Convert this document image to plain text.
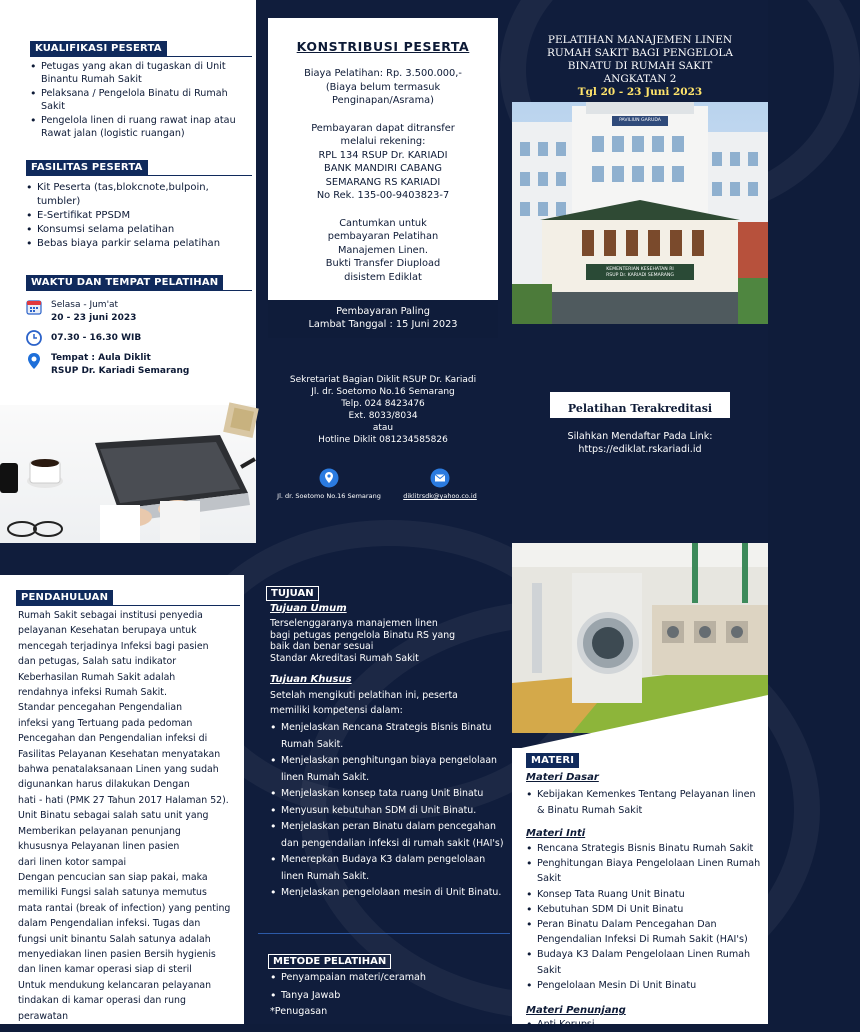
KUALIFIKASI PESERTA
• Petugas yang akan di tugaskan di Unit Binantu Rumah Sakit
• Pelaksana / Pengelola Binatu di Rumah Sakit
• Pengelola linen di ruang rawat inap atau Rawat jalan (logistic ruangan)
FASILITAS PESERTA
• Kit Peserta (tas,blokcnote,bulpoin, tumbler)
• E-Sertifikat PPSDM
• Konsumsi selama pelatihan
• Bebas biaya parkir selama pelatihan
WAKTU DAN TEMPAT PELATIHAN
Selasa - Jum'at
20 - 23 juni 2023
07.30 - 16.30 WIB
Tempat : Aula Diklit
RSUP Dr. Kariadi Semarang
KONSTRIBUSI PESERTA
Biaya Pelatihan: Rp. 3.500.000,-
(Biaya belum termasuk
Penginapan/Asrama)
Pembayaran dapat ditransfer
melalui rekening:
RPL 134 RSUP Dr. KARIADI
BANK MANDIRI CABANG
SEMARANG RS KARIADI
No Rek. 135-00-9403823-7
Cantumkan untuk
pembayaran Pelatihan
Manajemen Linen.
Bukti Transfer Diupload
disistem Ediklat
Pembayaran Paling
Lambat Tanggal : 15 Juni 2023
Sekretariat Bagian Diklit RSUP Dr. Kariadi
Jl. dr. Soetomo No.16 Semarang
Telp. 024 8423476
Ext. 8033/8034
atau
Hotline Diklit 081234585826
Jl. dr. Soetomo No.16 Semarang	diklitrsdk@yahoo.co.id
PELATIHAN MANAJEMEN LINEN
RUMAH SAKIT BAGI PENGELOLA
BINATU DI RUMAH SAKIT
ANGKATAN 2
Tgl 20 - 23 Juni 2023
KEMENTERIAN KESEHATAN RI
RSUP Dr. KARIADI SEMARANG
PAVILIUN GARUDA
Pelatihan Terakreditasi
Silahkan Mendaftar Pada Link:
https://ediklat.rskariadi.id
PENDAHULUAN
Rumah Sakit sebagai institusi penyedia
pelayanan Kesehatan berupaya untuk
mencegah terjadinya Infeksi bagi pasien
dan petugas, Salah satu indikator
Keberhasilan Rumah Sakit adalah
rendahnya infeksi Rumah Sakit.
Standar pencegahan Pengendalian
infeksi yang Tertuang pada pedoman
Pencegahan dan Pengendalian infeksi di
Fasilitas Pelayanan Kesehatan menyatakan
bahwa penatalaksanaan Linen yang sudah
digunankan harus dilakukan Dengan
hati - hati (PMK 27 Tahun 2017 Halaman 52).
Unit Binatu sebagai salah satu unit yang
Memberikan pelayanan penunjang
khususnya Pelayanan linen pasien
dari linen kotor sampai
Dengan pencucian san siap pakai, maka
memiliki Fungsi salah satunya memutus
mata rantai (break of infection) yang penting
dalam Pengendalian infeksi. Tugas dan
fungsi unit binantu Salah satunya adalah
menyediakan linen pasien Bersih hygienis
dan linen kamar operasi siap di steril
Untuk mendukung kelancaran pelayanan
tindakan di kamar operasi dan rung
perawatan
TUJUAN
Tujuan Umum
Terselenggaranya manajemen linen
bagi petugas pengelola Binatu RS yang
baik dan benar sesuai
Standar Akreditasi Rumah Sakit
Tujuan Khusus
Setelah mengikuti pelatihan ini, peserta
memiliki kompetensi dalam:
• Menjelaskan Rencana Strategis Bisnis Binatu Rumah Sakit.
• Menjelaskan penghitungan biaya pengelolaan linen Rumah Sakit.
• Menjelaskan konsep tata ruang Unit Binatu
• Menyusun kebutuhan SDM di Unit Binatu.
• Menjelaskan peran Binatu dalam pencegahan dan pengendalian infeksi di rumah sakit (HAI's)
• Menerepkan Budaya K3 dalam pengelolaan linen Rumah Sakit.
• Menjelaskan pengelolaan mesin di Unit Binatu.
METODE PELATIHAN
• Penyampaian materi/ceramah
• Tanya Jawab
*Penugasan
MATERI
Materi Dasar
• Kebijakan Kemenkes Tentang Pelayanan linen & Binatu Rumah Sakit
Materi Inti
• Rencana Strategis Bisnis Binatu Rumah Sakit
• Penghitungan Biaya Pengelolaan Linen Rumah Sakit
• Konsep Tata Ruang Unit Binatu
• Kebutuhan SDM Di Unit Binatu
• Peran Binatu Dalam Pencegahan Dan Pengendalian Infeksi Di Rumah Sakit (HAI's)
• Budaya K3 Dalam Pengelolaan Linen Rumah Sakit
• Pengelolaan Mesin Di Unit Binatu
Materi Penunjang
• Anti Korupsi
